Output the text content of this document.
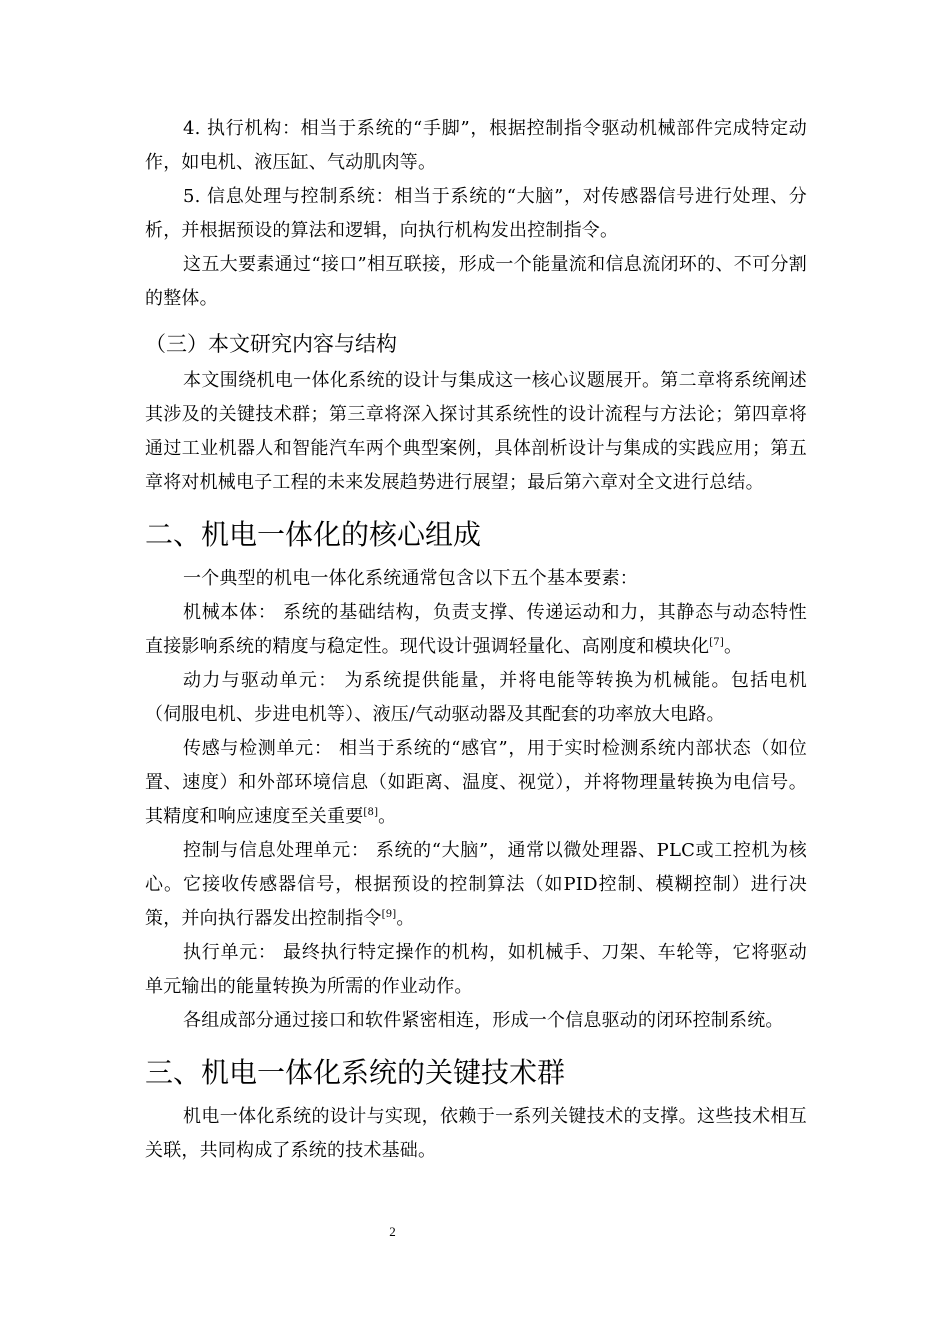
4. 执行机构：相当于系统的“手脚”，根据控制指令驱动机械部件完成特定动作，如电机、液压缸、气动肌肉等。

5. 信息处理与控制系统：相当于系统的“大脑”，对传感器信号进行处理、分析，并根据预设的算法和逻辑，向执行机构发出控制指令。

这五大要素通过“接口”相互联接，形成一个能量流和信息流闭环的、不可分割的整体。

（三）本文研究内容与结构

本文围绕机电一体化系统的设计与集成这一核心议题展开。第二章将系统阐述其涉及的关键技术群；第三章将深入探讨其系统性的设计流程与方法论；第四章将通过工业机器人和智能汽车两个典型案例，具体剖析设计与集成的实践应用；第五章将对机械电子工程的未来发展趋势进行展望；最后第六章对全文进行总结。

二、机电一体化的核心组成

一个典型的机电一体化系统通常包含以下五个基本要素：

机械本体： 系统的基础结构，负责支撑、传递运动和力，其静态与动态特性直接影响系统的精度与稳定性。现代设计强调轻量化、高刚度和模块化[7]。

动力与驱动单元： 为系统提供能量，并将电能等转换为机械能。包括电机（伺服电机、步进电机等）、液压/气动驱动器及其配套的功率放大电路。

传感与检测单元： 相当于系统的“感官”，用于实时检测系统内部状态（如位置、速度）和外部环境信息（如距离、温度、视觉），并将物理量转换为电信号。其精度和响应速度至关重要[8]。

控制与信息处理单元： 系统的“大脑”，通常以微处理器、PLC或工控机为核心。它接收传感器信号，根据预设的控制算法（如PID控制、模糊控制）进行决策，并向执行器发出控制指令[9]。

执行单元： 最终执行特定操作的机构，如机械手、刀架、车轮等，它将驱动单元输出的能量转换为所需的作业动作。

各组成部分通过接口和软件紧密相连，形成一个信息驱动的闭环控制系统。

三、机电一体化系统的关键技术群

机电一体化系统的设计与实现，依赖于一系列关键技术的支撑。这些技术相互关联，共同构成了系统的技术基础。

2
